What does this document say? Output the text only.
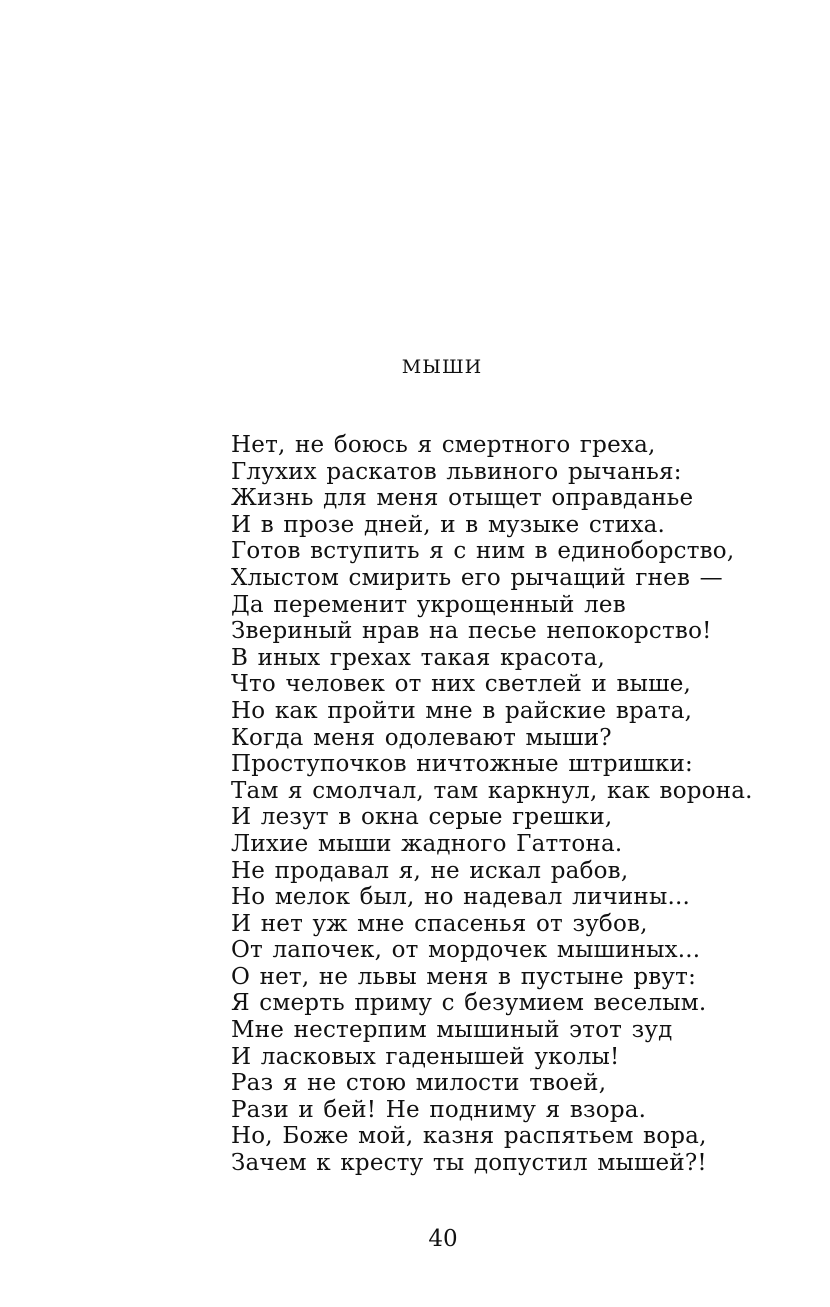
МЫШИ
Нет, не боюсь я смертного греха,
Глухих раскатов львиного рычанья:
Жизнь для меня отыщет оправданье
И в прозе дней, и в музыке стиха.
Готов вступить я с ним в единоборство,
Хлыстом смирить его рычащий гнев —
Да переменит укрощенный лев
Звериный нрав на песье непокорство!
В иных грехах такая красота,
Что человек от них светлей и выше,
Но как пройти мне в райские врата,
Когда меня одолевают мыши?
Проступочков ничтожные штришки:
Там я смолчал, там каркнул, как ворона.
И лезут в окна серые грешки,
Лихие мыши жадного Гаттона.
Не продавал я, не искал рабов,
Но мелок был, но надевал личины...
И нет уж мне спасенья от зубов,
От лапочек, от мордочек мышиных...
О нет, не львы меня в пустыне рвут:
Я смерть приму с безумием веселым.
Мне нестерпим мышиный этот зуд
И ласковых гаденышей уколы!
Раз я не стою милости твоей,
Рази и бей! Не подниму я взора.
Но, Боже мой, казня распятьем вора,
Зачем к кресту ты допустил мышей?!
40
